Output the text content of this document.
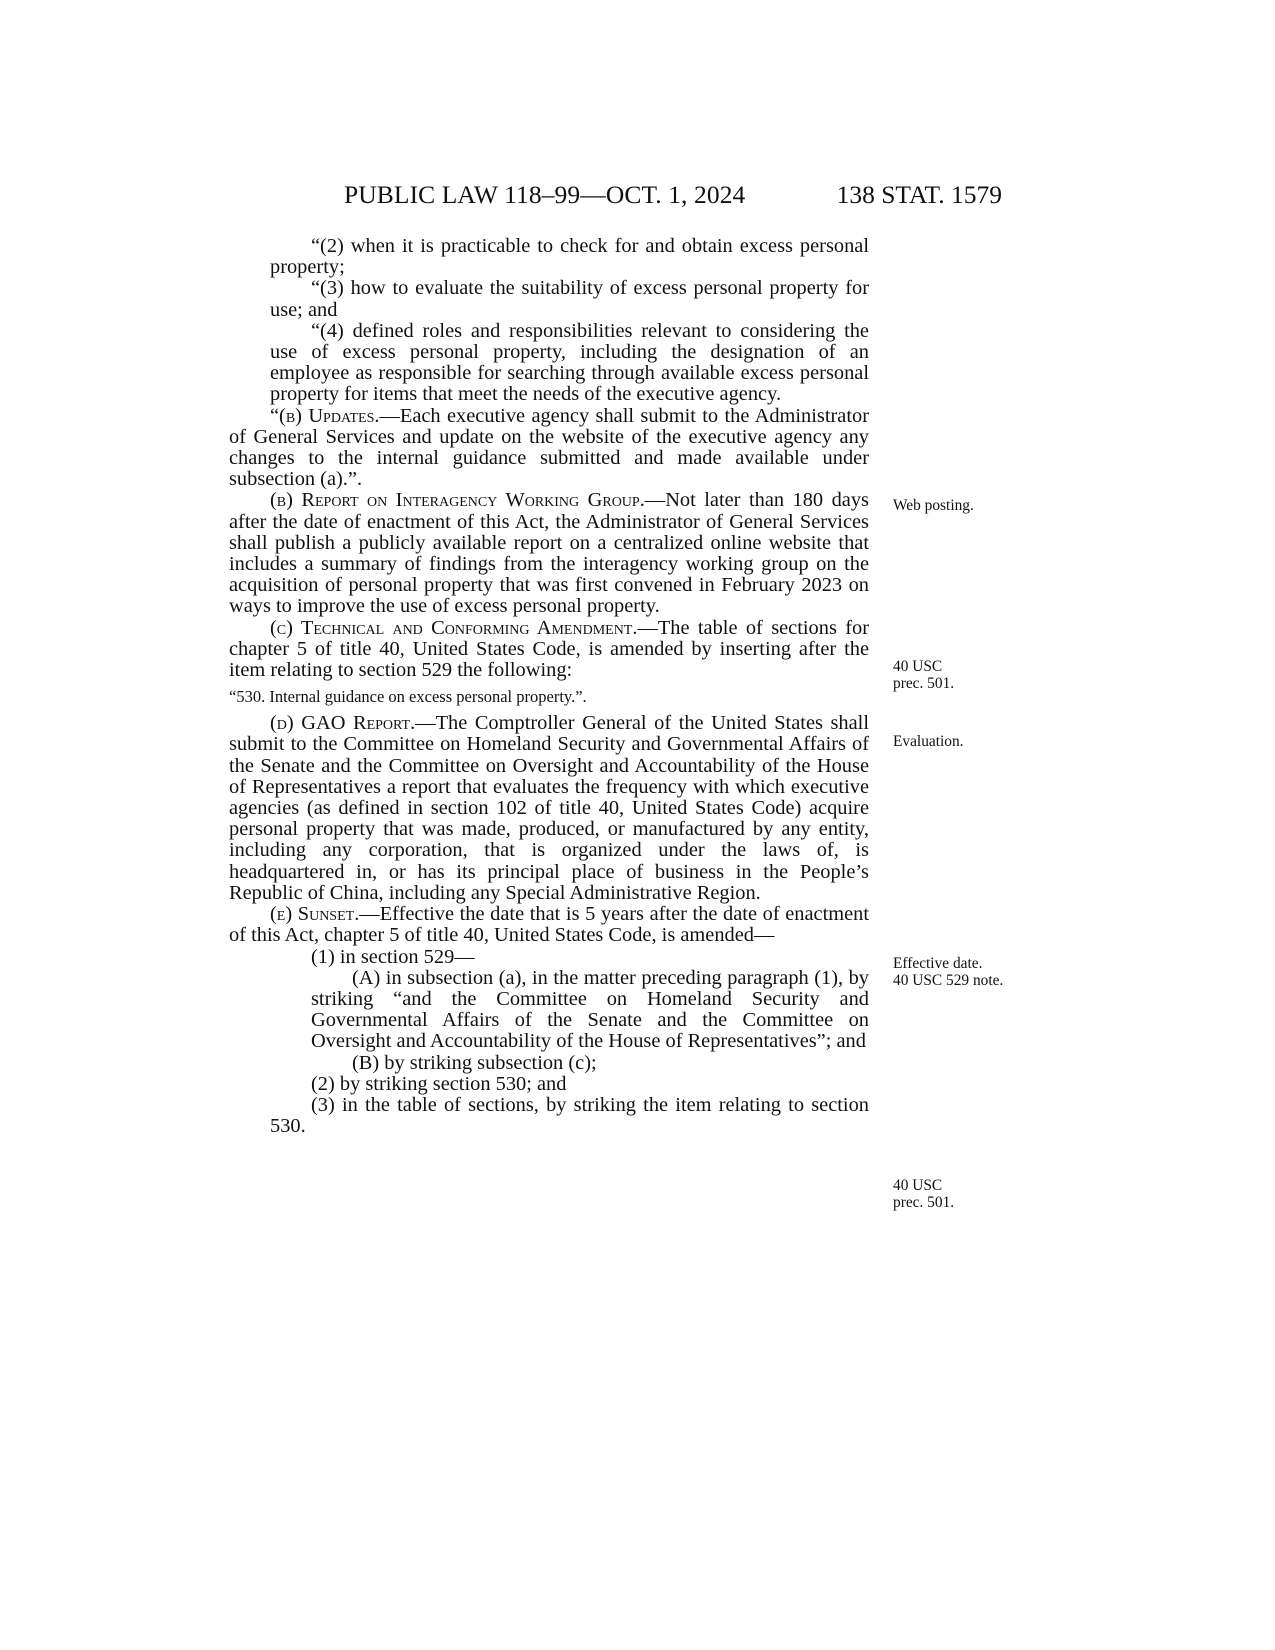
PUBLIC LAW 118–99—OCT. 1, 2024	138 STAT. 1579

“(2) when it is practicable to check for and obtain excess personal property;

“(3) how to evaluate the suitability of excess personal property for use; and

“(4) defined roles and responsibilities relevant to considering the use of excess personal property, including the designation of an employee as responsible for searching through available excess personal property for items that meet the needs of the executive agency.

“(b) Updates.—Each executive agency shall submit to the Administrator of General Services and update on the website of the executive agency any changes to the internal guidance submitted and made available under subsection (a).”.

(b) Report on Interagency Working Group.—Not later than 180 days after the date of enactment of this Act, the Administrator of General Services shall publish a publicly available report on a centralized online website that includes a summary of findings from the interagency working group on the acquisition of personal property that was first convened in February 2023 on ways to improve the use of excess personal property.

(c) Technical and Conforming Amendment.—The table of sections for chapter 5 of title 40, United States Code, is amended by inserting after the item relating to section 529 the following:

“530. Internal guidance on excess personal property.”.

(d) GAO Report.—The Comptroller General of the United States shall submit to the Committee on Homeland Security and Governmental Affairs of the Senate and the Committee on Oversight and Accountability of the House of Representatives a report that evaluates the frequency with which executive agencies (as defined in section 102 of title 40, United States Code) acquire personal property that was made, produced, or manufactured by any entity, including any corporation, that is organized under the laws of, is headquartered in, or has its principal place of business in the People’s Republic of China, including any Special Administrative Region.

(e) Sunset.—Effective the date that is 5 years after the date of enactment of this Act, chapter 5 of title 40, United States Code, is amended—

(1) in section 529—

(A) in subsection (a), in the matter preceding paragraph (1), by striking “and the Committee on Homeland Security and Governmental Affairs of the Senate and the Committee on Oversight and Accountability of the House of Representatives”; and

(B) by striking subsection (c);

(2) by striking section 530; and

(3) in the table of sections, by striking the item relating to section 530.

Web posting.
40 USC
prec. 501.
Evaluation.
Effective date.
40 USC 529 note.
40 USC
prec. 501.
